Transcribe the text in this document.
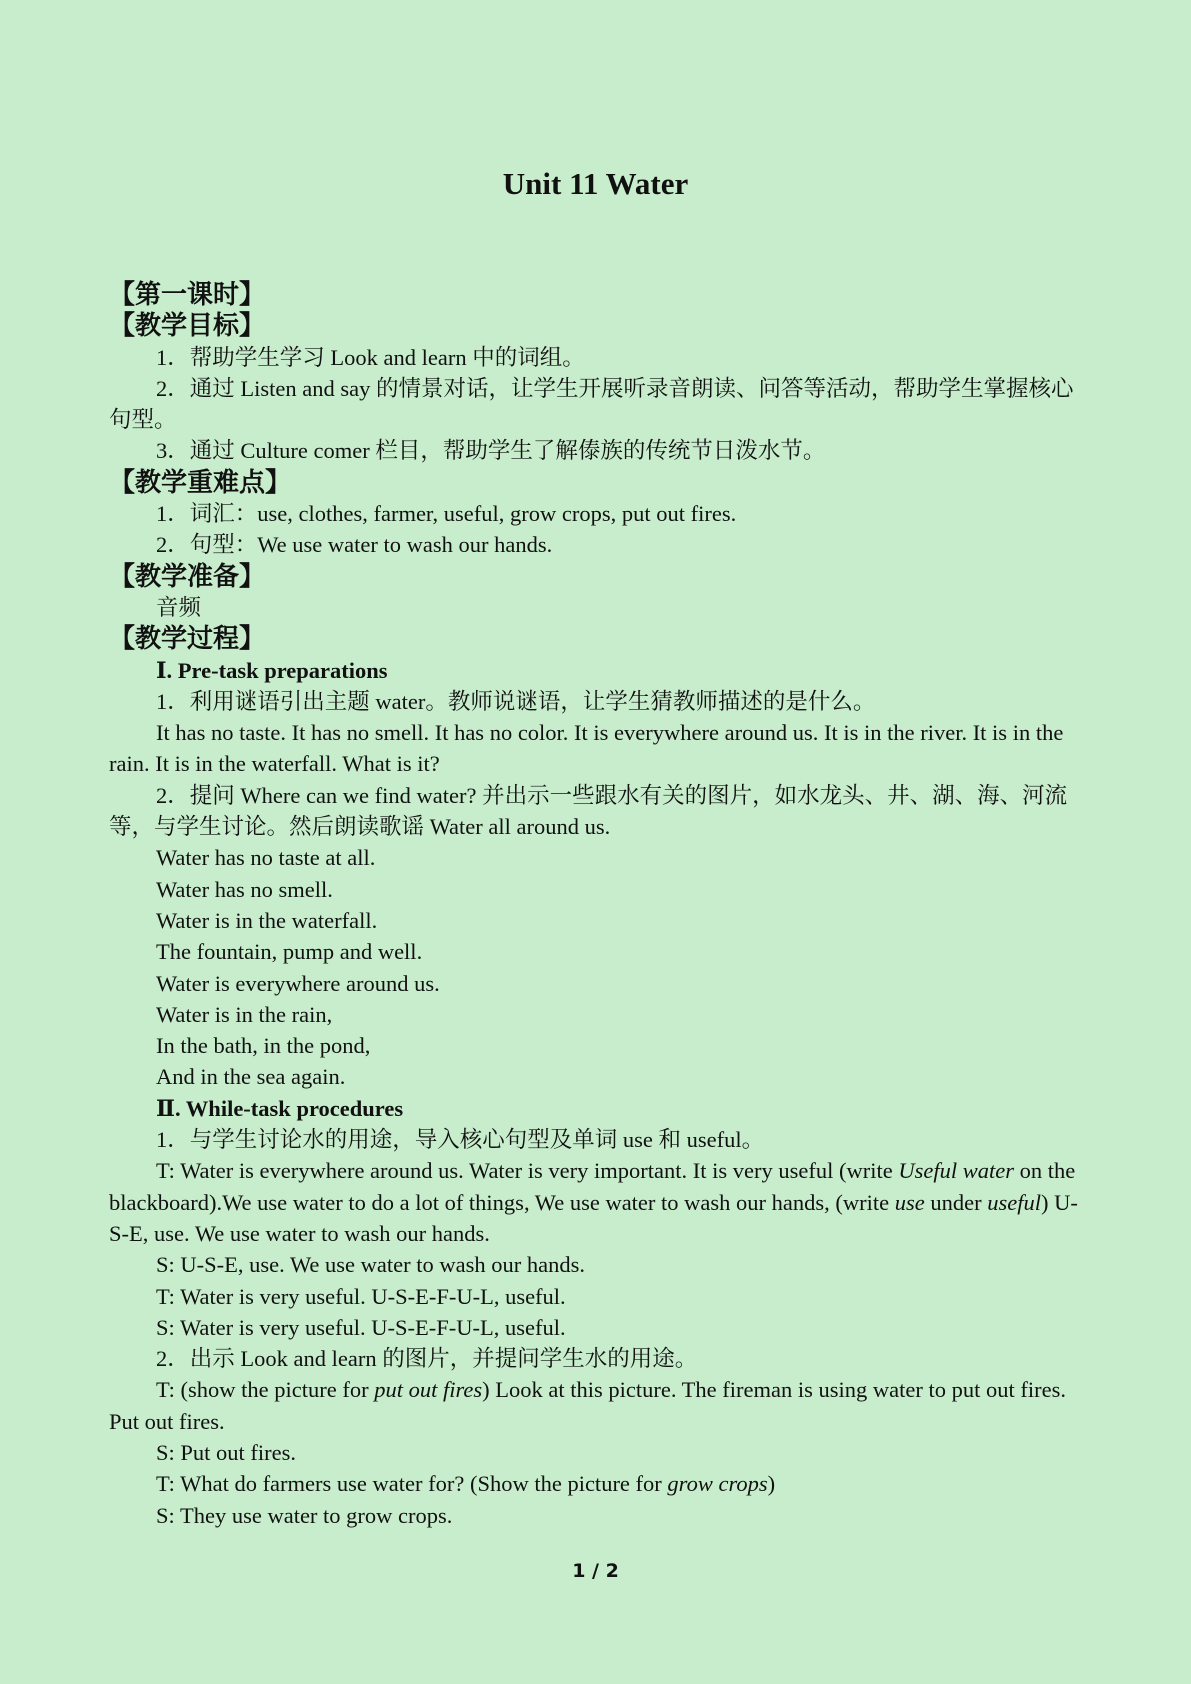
Unit 11 Water

【第一课时】

【教学目标】

1．帮助学生学习 Look and learn 中的词组。

2．通过 Listen and say 的情景对话，让学生开展听录音朗读、问答等活动，帮助学生掌握核心句型。

3．通过 Culture comer 栏目，帮助学生了解傣族的传统节日泼水节。

【教学重难点】

1．词汇：use, clothes, farmer, useful, grow crops, put out fires.

2．句型：We use water to wash our hands.

【教学准备】

音频

【教学过程】

Ⅰ. Pre-task preparations

1．利用谜语引出主题 water。教师说谜语，让学生猜教师描述的是什么。

It has no taste. It has no smell. It has no color. It is everywhere around us. It is in the river. It is in the rain. It is in the waterfall. What is it?

2．提问 Where can we find water? 并出示一些跟水有关的图片，如水龙头、井、湖、海、河流等，与学生讨论。然后朗读歌谣 Water all around us.

Water has no taste at all.

Water has no smell.

Water is in the waterfall.

The fountain, pump and well.

Water is everywhere around us.

Water is in the rain,

In the bath, in the pond,

And in the sea again.

Ⅱ. While-task procedures

1．与学生讨论水的用途，导入核心句型及单词 use 和 useful。

T: Water is everywhere around us. Water is very important. It is very useful (write Useful water on the blackboard).We use water to do a lot of things, We use water to wash our hands, (write use under useful) U-S-E, use. We use water to wash our hands.

S: U-S-E, use. We use water to wash our hands.

T: Water is very useful. U-S-E-F-U-L, useful.

S: Water is very useful. U-S-E-F-U-L, useful.

2．出示 Look and learn 的图片，并提问学生水的用途。

T: (show the picture for put out fires) Look at this picture. The fireman is using water to put out fires. Put out fires.

S: Put out fires.

T: What do farmers use water for? (Show the picture for grow crops)

S: They use water to grow crops.

1 / 2
